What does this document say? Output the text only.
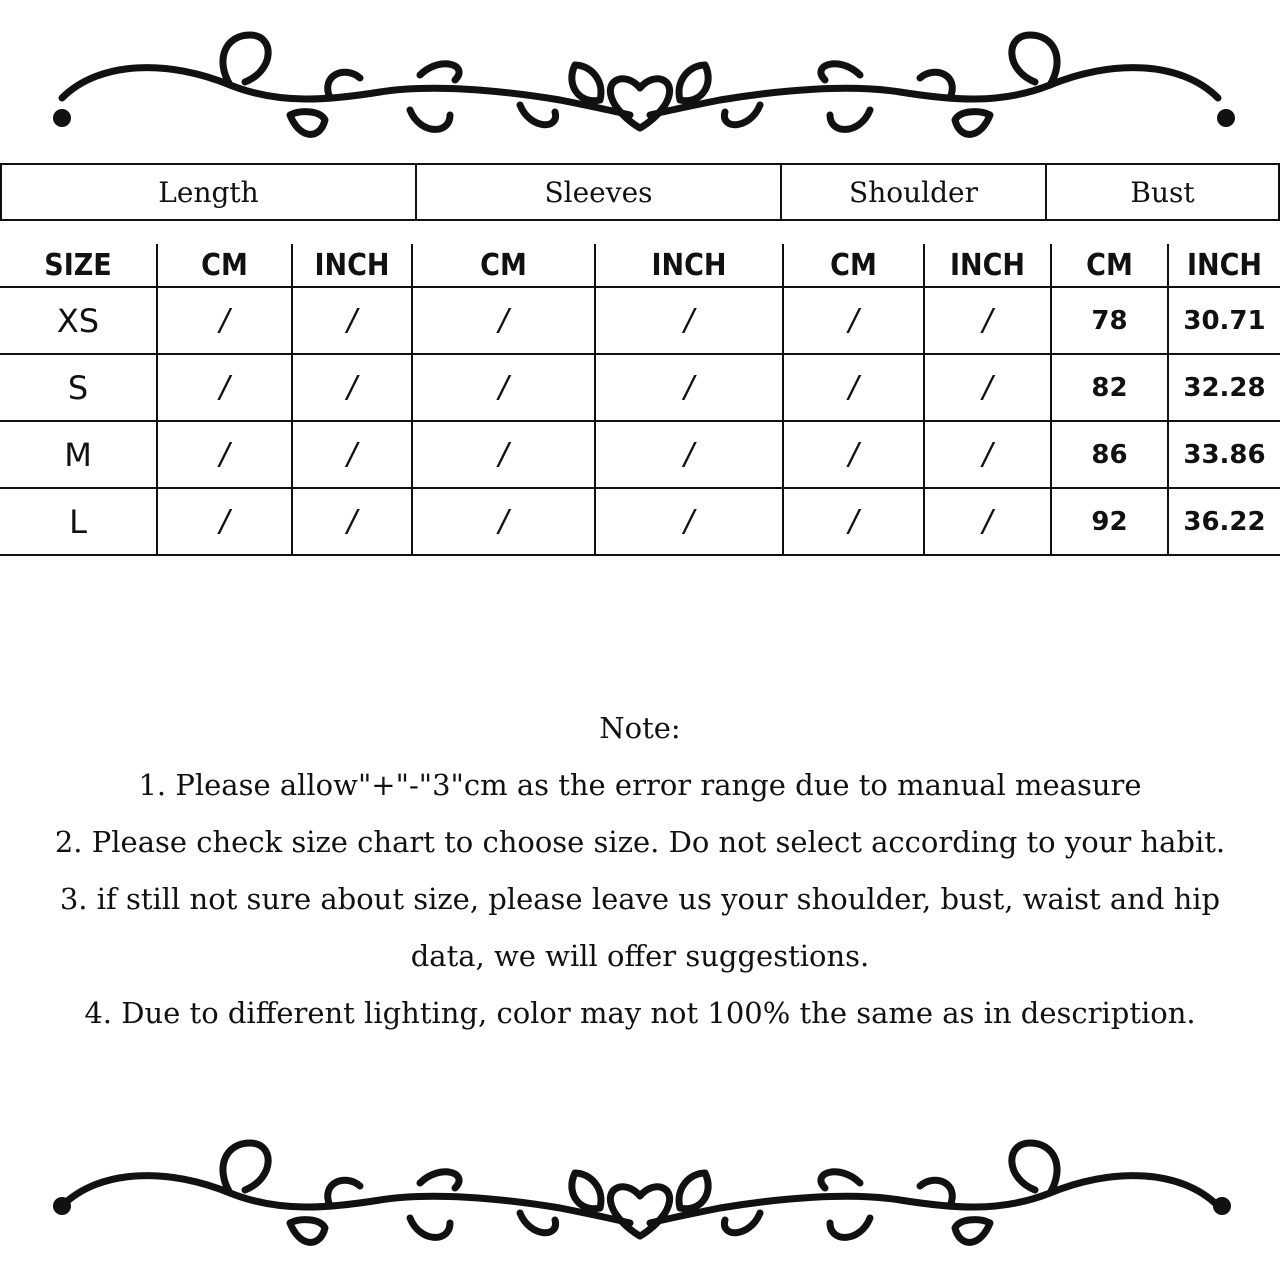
Length	Sleeves	Shoulder	Bust
SIZE	CM	INCH	CM	INCH	CM	INCH	CM	INCH
XS	/	/	/	/	/	/	78	30.71
S	/	/	/	/	/	/	82	32.28
M	/	/	/	/	/	/	86	33.86
L	/	/	/	/	/	/	92	36.22
Note:
1. Please allow"+"-"3"cm as the error range due to manual measure
2. Please check size chart to choose size. Do not select according to your habit.
3. if still not sure about size, please leave us your shoulder, bust, waist and hip
data, we will offer suggestions.
4. Due to different lighting, color may not 100% the same as in description.
